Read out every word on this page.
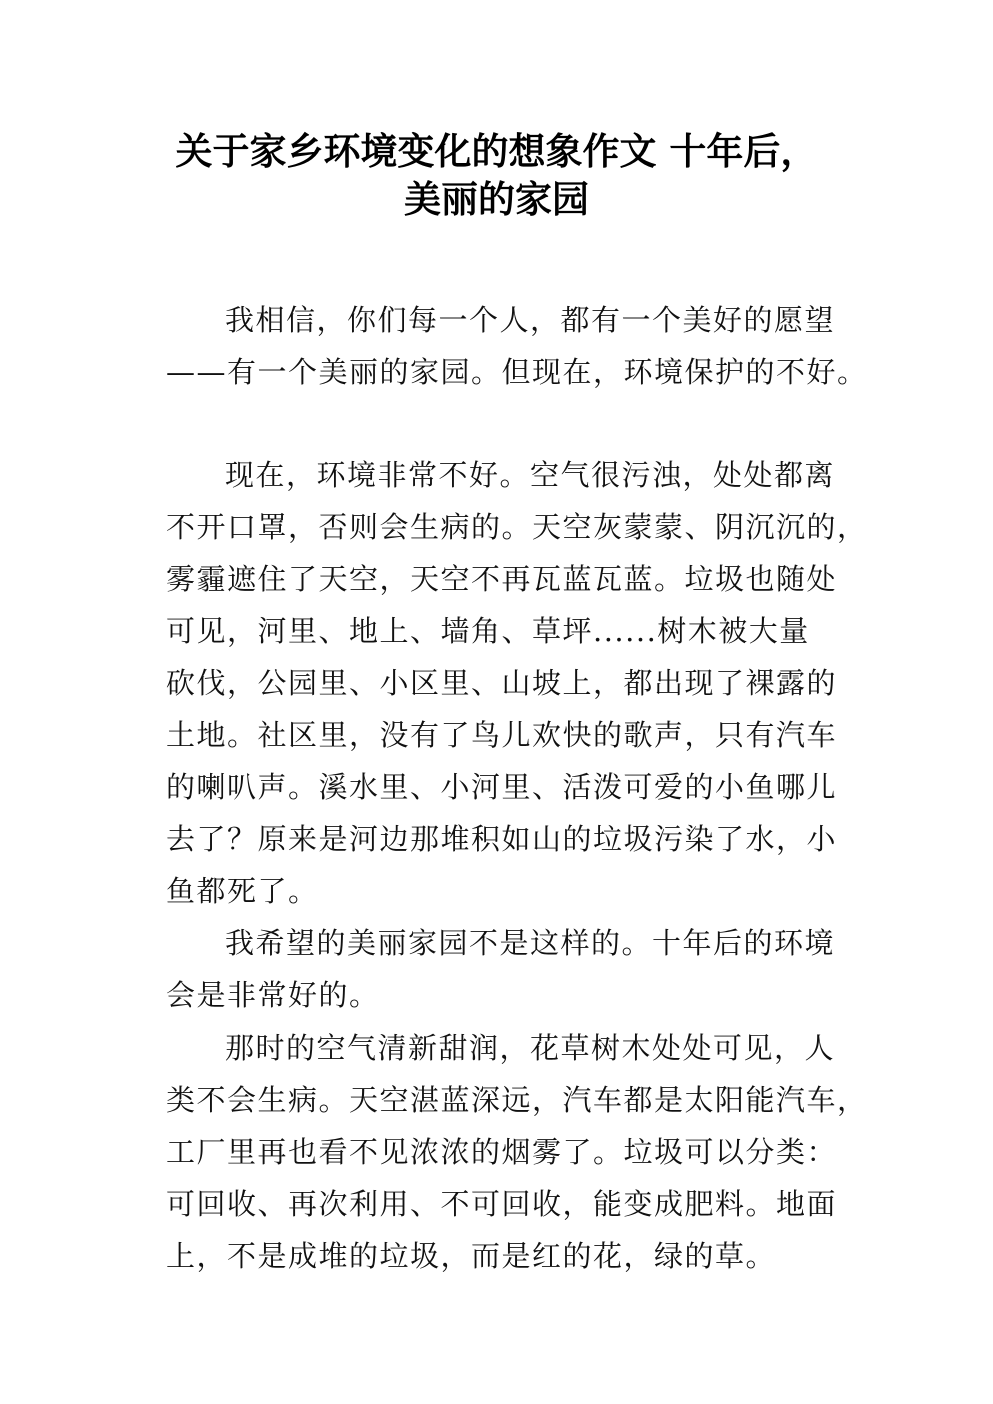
关于家乡环境变化的想象作文 十年后，
美丽的家园
我相信，你们每一个人，都有一个美好的愿望
——有一个美丽的家园。但现在，环境保护的不好。
现在，环境非常不好。空气很污浊，处处都离
不开口罩，否则会生病的。天空灰蒙蒙、阴沉沉的，
雾霾遮住了天空，天空不再瓦蓝瓦蓝。垃圾也随处
可见，河里、地上、墙角、草坪......树木被大量
砍伐，公园里、小区里、山坡上，都出现了裸露的
土地。社区里，没有了鸟儿欢快的歌声，只有汽车
的喇叭声。溪水里、小河里、活泼可爱的小鱼哪儿
去了？原来是河边那堆积如山的垃圾污染了水，小
鱼都死了。
我希望的美丽家园不是这样的。十年后的环境
会是非常好的。
那时的空气清新甜润，花草树木处处可见，人
类不会生病。天空湛蓝深远，汽车都是太阳能汽车，
工厂里再也看不见浓浓的烟雾了。垃圾可以分类：
可回收、再次利用、不可回收，能变成肥料。地面
上，不是成堆的垃圾，而是红的花，绿的草。
